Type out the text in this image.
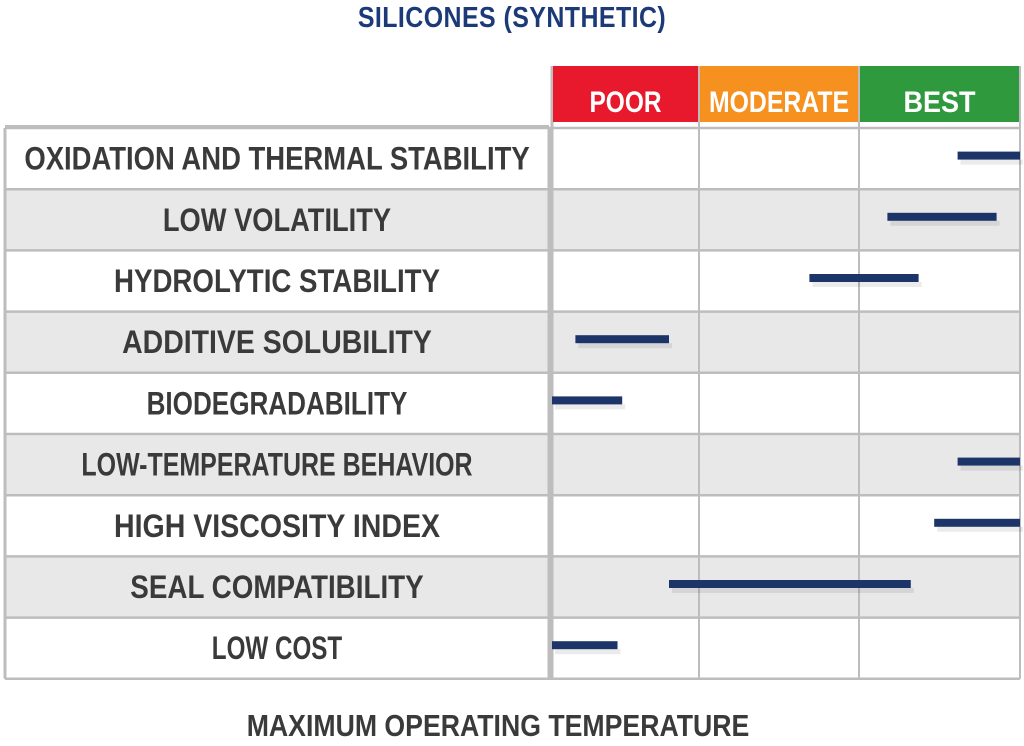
SILICONES (SYNTHETIC)
POOR MODERATE BEST
OXIDATION AND THERMAL STABILITY
LOW VOLATILITY
HYDROLYTIC STABILITY
ADDITIVE SOLUBILITY
BIODEGRADABILITY
LOW-TEMPERATURE BEHAVIOR
HIGH VISCOSITY INDEX
SEAL COMPATIBILITY
LOW COST
MAXIMUM OPERATING TEMPERATURE
